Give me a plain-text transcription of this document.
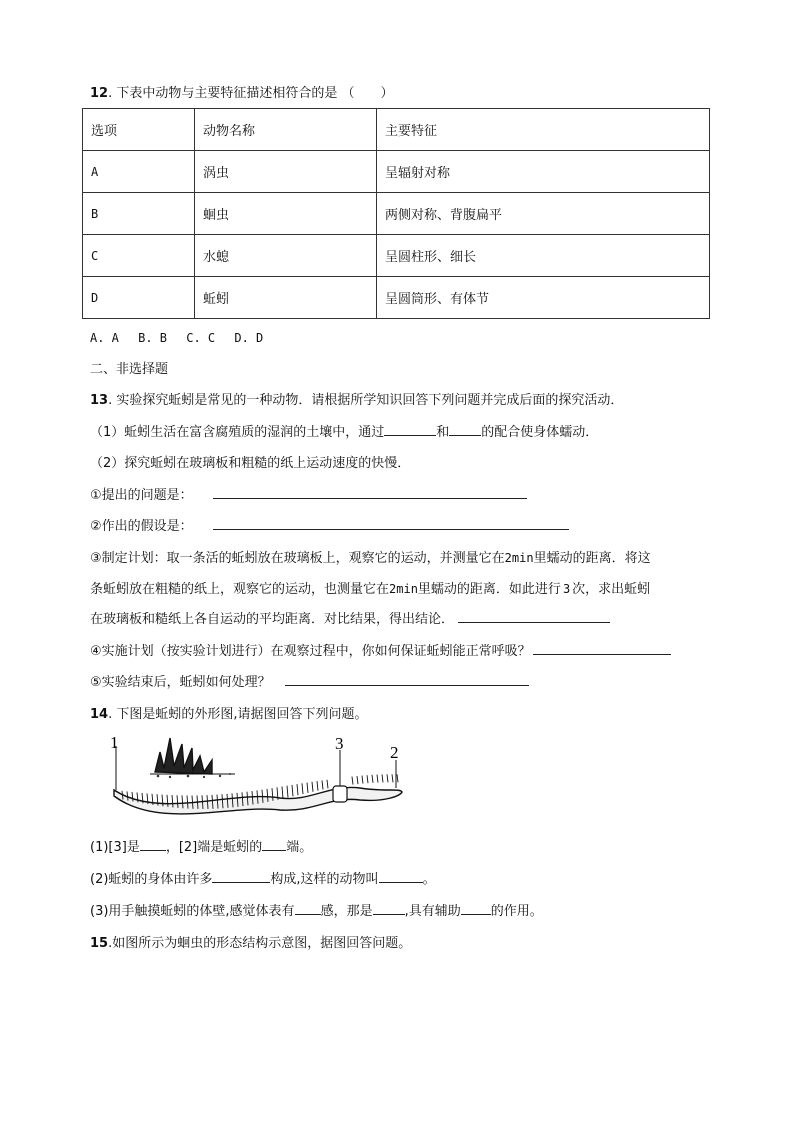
12. 下表中动物与主要特征描述相符合的是 （　　）
选项	动物名称	主要特征
A	涡虫	呈辐射对称
B	蛔虫	两侧对称、背腹扁平
C	水螅	呈圆柱形、细长
D	蚯蚓	呈圆筒形、有体节
A. A　 B. B　 C. C　 D. D
二、非选择题
13. 实验探究蚯蚓是常见的一种动物．请根据所学知识回答下列问题并完成后面的探究活动．
（1）蚯蚓生活在富含腐殖质的湿润的土壤中，通过	和 的配合使身体蠕动．
（2）探究蚯蚓在玻璃板和粗糙的纸上运动速度的快慢．
①提出的问题是：
②作出的假设是：
③制定计划：取一条活的蚯蚓放在玻璃板上，观察它的运动，并测量它在2min里蠕动的距离．将这
条蚯蚓放在粗糙的纸上，观察它的运动，也测量它在2min里蠕动的距离．如此进行 3 次，求出蚯蚓
在玻璃板和糙纸上各自运动的平均距离．对比结果，得出结论．
④实施计划（按实验计划进行）在观察过程中，你如何保证蚯蚓能正常呼吸？
⑤实验结束后，蚯蚓如何处理？
14. 下图是蚯蚓的外形图,请据图回答下列问题。
1	3	2
(1)[3]是 ，[2]端是蚯蚓的 端。
(2)蚯蚓的身体由许多	构成,这样的动物叫	。
(3)用手触摸蚯蚓的体壁,感觉体表有 感，那是 ,具有辅助 的作用。
15.如图所示为蛔虫的形态结构示意图，据图回答问题。
